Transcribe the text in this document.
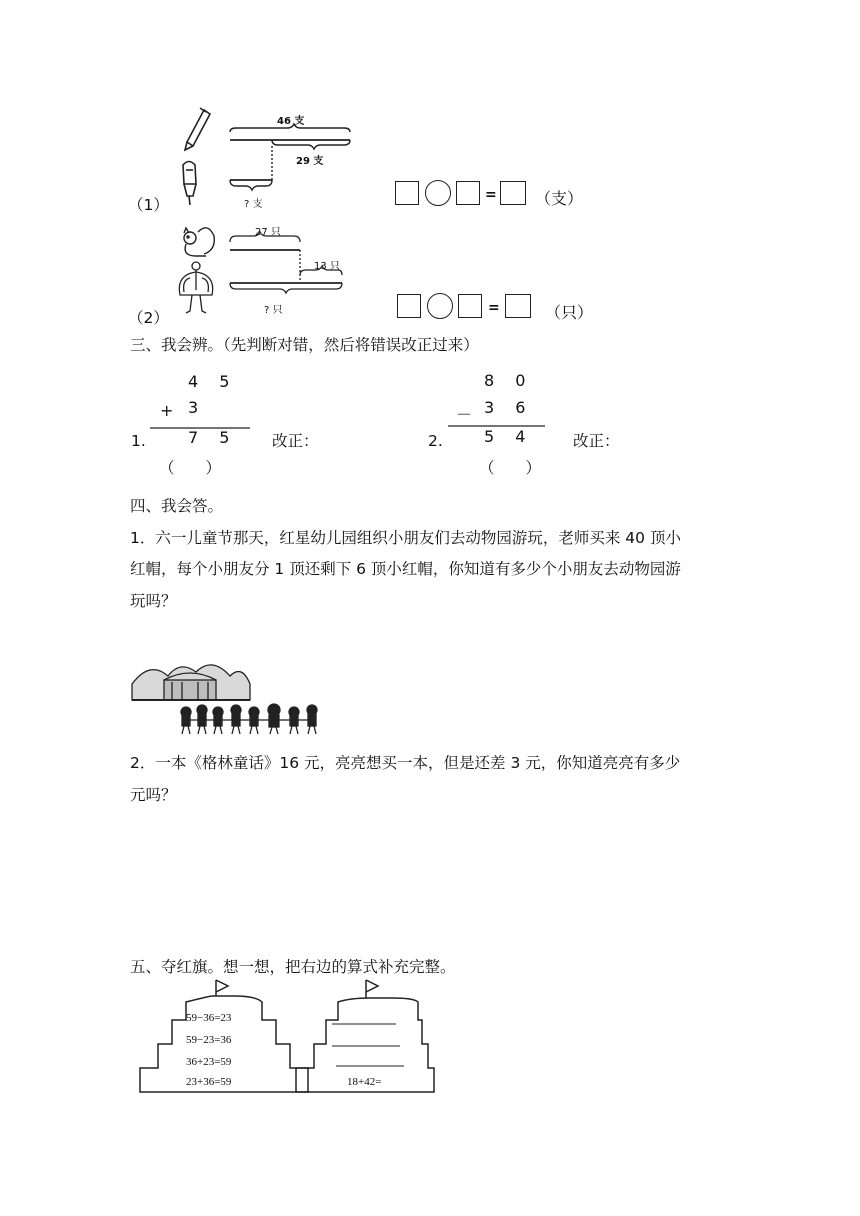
46 支
29 支
? 支
（1）
= （支）
27 只
13 只
? 只
（2）
=	（只）
三、我会辨。（先判断对错，然后将错误改正过来）
4 5
+ 3
1.	7 5 改正：
（　　）
8 0
－ 3 6
2.	5 4	改正：
（　　）
四、我会答。
1．六一儿童节那天，红星幼儿园组织小朋友们去动物园游玩，老师买来 40 顶小
红帽，每个小朋友分 1 顶还剩下 6 顶小红帽，你知道有多少个小朋友去动物园游
玩吗？
2．一本《格林童话》16 元，亮亮想买一本，但是还差 3 元，你知道亮亮有多少
元吗？
五、夺红旗。想一想，把右边的算式补充完整。
59−36=23
59−23=36
36+23=59
23+36=59	18+42=
